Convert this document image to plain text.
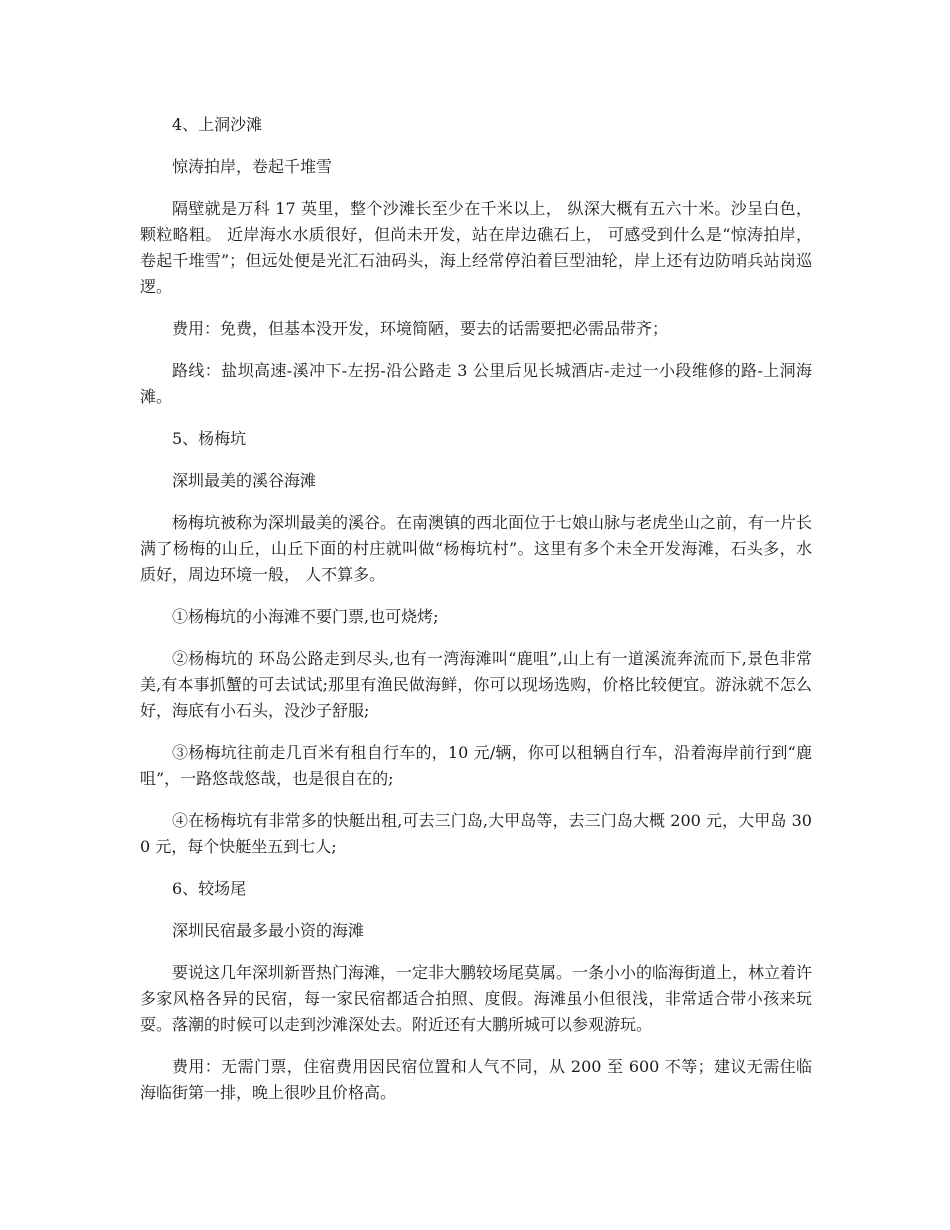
4、上洞沙滩
惊涛拍岸，卷起千堆雪
隔壁就是万科 17 英里，整个沙滩长至少在千米以上， 纵深大概有五六十米。沙呈白色，颗粒略粗。 近岸海水水质很好，但尚未开发，站在岸边礁石上， 可感受到什么是“惊涛拍岸，卷起千堆雪”；但远处便是光汇石油码头，海上经常停泊着巨型油轮，岸上还有边防哨兵站岗巡逻。
费用：免费，但基本没开发，环境简陋，要去的话需要把必需品带齐；
路线：盐坝高速-溪冲下-左拐-沿公路走 3 公里后见长城酒店-走过一小段维修的路-上洞海滩。
5、杨梅坑
深圳最美的溪谷海滩
杨梅坑被称为深圳最美的溪谷。在南澳镇的西北面位于七娘山脉与老虎坐山之前，有一片长满了杨梅的山丘，山丘下面的村庄就叫做“杨梅坑村”。这里有多个未全开发海滩，石头多，水质好，周边环境一般， 人不算多。
①杨梅坑的小海滩不要门票,也可烧烤;
②杨梅坑的 环岛公路走到尽头,也有一湾海滩叫“鹿咀”,山上有一道溪流奔流而下,景色非常美,有本事抓蟹的可去试试;那里有渔民做海鲜，你可以现场选购，价格比较便宜。游泳就不怎么好，海底有小石头，没沙子舒服;
③杨梅坑往前走几百米有租自行车的，10 元/辆，你可以租辆自行车，沿着海岸前行到“鹿咀”，一路悠哉悠哉，也是很自在的;
④在杨梅坑有非常多的快艇出租,可去三门岛,大甲岛等，去三门岛大概 200 元，大甲岛 300 元，每个快艇坐五到七人;
6、较场尾
深圳民宿最多最小资的海滩
要说这几年深圳新晋热门海滩，一定非大鹏较场尾莫属。一条小小的临海街道上，林立着许多家风格各异的民宿，每一家民宿都适合拍照、度假。海滩虽小但很浅，非常适合带小孩来玩耍。落潮的时候可以走到沙滩深处去。附近还有大鹏所城可以参观游玩。
费用：无需门票，住宿费用因民宿位置和人气不同，从 200 至 600 不等；建议无需住临海临街第一排，晚上很吵且价格高。
